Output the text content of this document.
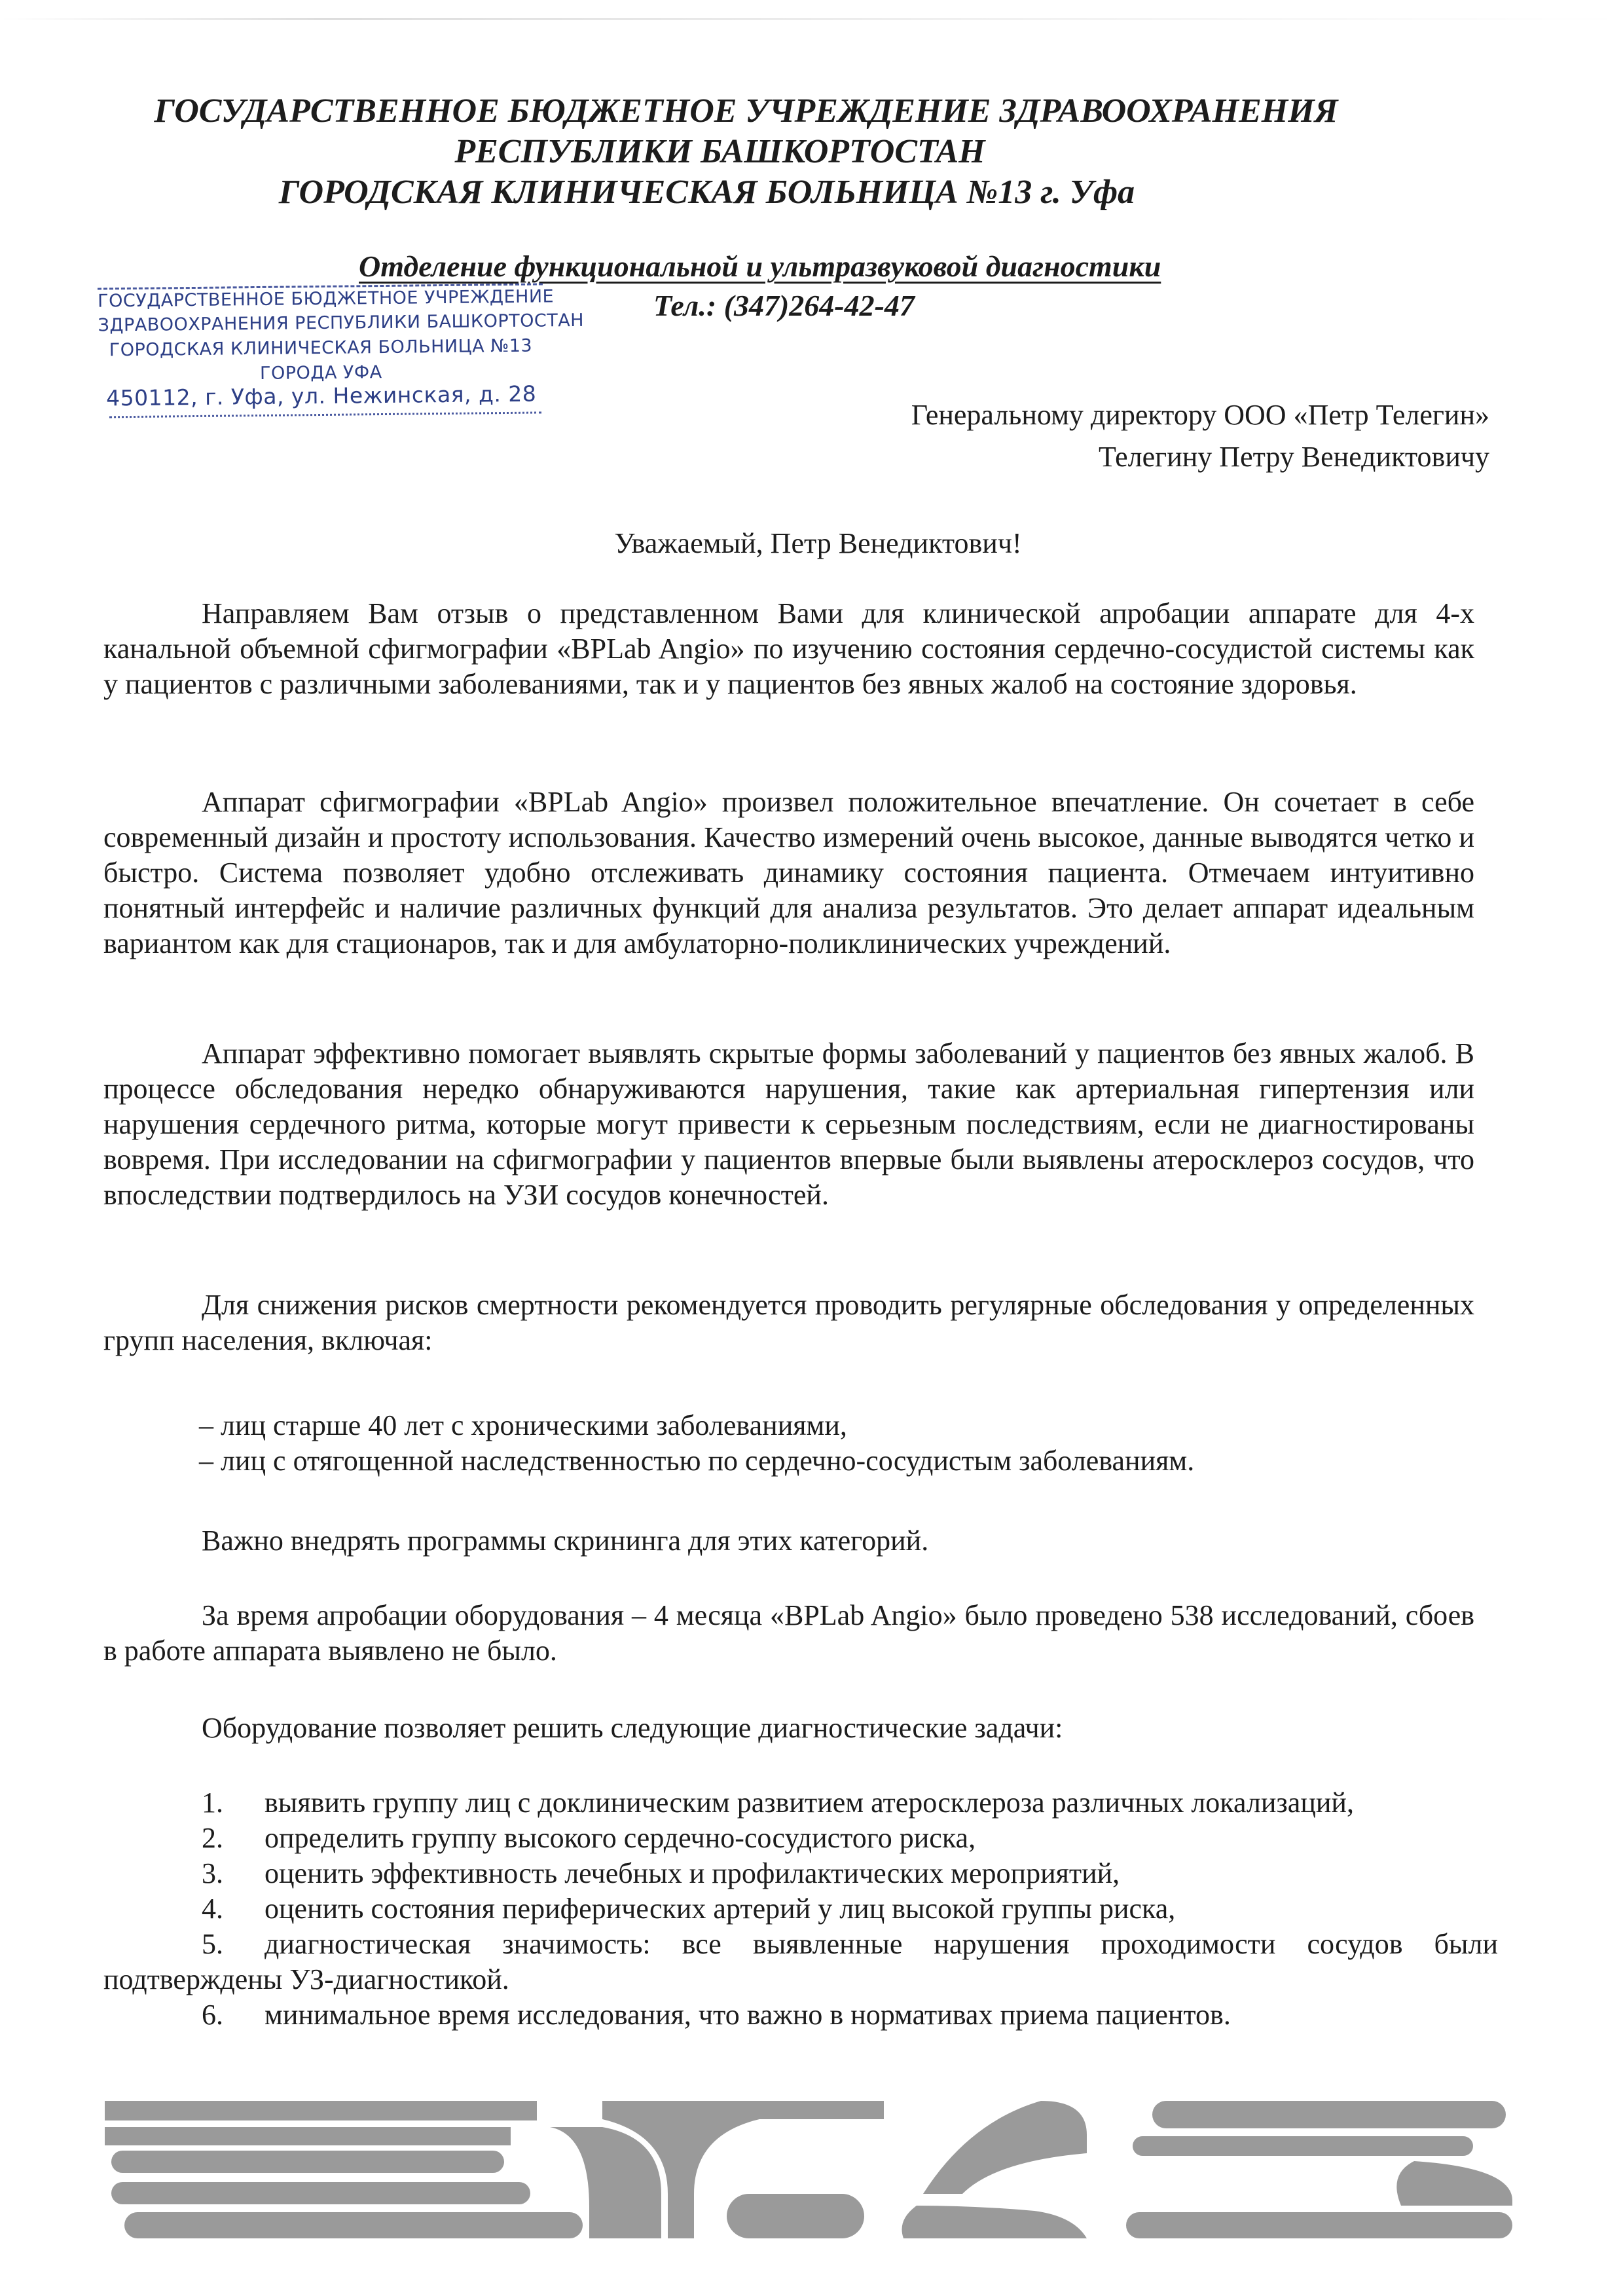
ГОСУДАРСТВЕННОЕ БЮДЖЕТНОЕ УЧРЕЖДЕНИЕ ЗДРАВООХРАНЕНИЯ
РЕСПУБЛИКИ БАШКОРТОСТАН
ГОРОДСКАЯ КЛИНИЧЕСКАЯ БОЛЬНИЦА №13 г. Уфа
Отделение функциональной и ультразвуковой диагностики
Тел.: (347)264-42-47
ГОСУДАРСТВЕННОЕ БЮДЖЕТНОЕ УЧРЕЖДЕНИЕ
ЗДРАВООХРАНЕНИЯ РЕСПУБЛИКИ БАШКОРТОСТАН
ГОРОДСКАЯ КЛИНИЧЕСКАЯ БОЛЬНИЦА №13
ГОРОДА УФА
450112, г. Уфа, ул. Нежинская, д. 28
Генеральному директору ООО «Петр Телегин»
Телегину Петру Венедиктовичу
Уважаемый, Петр Венедиктович!
Направляем Вам отзыв о представленном Вами для клинической апробации аппарате для 4-х канальной объемной сфигмографии «BPLab Angio» по изучению состояния сердечно-сосудистой системы как у пациентов с различными заболеваниями, так и у пациентов без явных жалоб на состояние здоровья.
Аппарат сфигмографии «BPLab Angio» произвел положительное впечатление. Он сочетает в себе современный дизайн и простоту использования. Качество измерений очень высокое, данные выводятся четко и быстро. Система позволяет удобно отслеживать динамику состояния пациента. Отмечаем интуитивно понятный интерфейс и наличие различных функций для анализа результатов. Это делает аппарат идеальным вариантом как для стационаров, так и для амбулаторно-поликлинических учреждений.
Аппарат эффективно помогает выявлять скрытые формы заболеваний у пациентов без явных жалоб. В процессе обследования нередко обнаруживаются нарушения, такие как артериальная гипертензия или нарушения сердечного ритма, которые могут привести к серьезным последствиям, если не диагностированы вовремя. При исследовании на сфигмографии у пациентов впервые были выявлены атеросклероз сосудов, что впоследствии подтвердилось на УЗИ сосудов конечностей.
Для снижения рисков смертности рекомендуется проводить регулярные обследования у определенных групп населения, включая:
– лиц старше 40 лет с хроническими заболеваниями,
– лиц с отягощенной наследственностью по сердечно-сосудистым заболеваниям.
Важно внедрять программы скрининга для этих категорий.
За время апробации оборудования – 4 месяца «BPLab Angio» было проведено 538 исследований, сбоев в работе аппарата выявлено не было.
Оборудование позволяет решить следующие диагностические задачи:
1. выявить группу лиц с доклиническим развитием атеросклероза различных локализаций,
2. определить группу высокого сердечно-сосудистого риска,
3. оценить эффективность лечебных и профилактических мероприятий,
4. оценить состояния периферических артерий у лиц высокой группы риска,
5. диагностическая значимость: все выявленные нарушения проходимости сосудов были
подтверждены УЗ-диагностикой.
6. минимальное время исследования, что важно в нормативах приема пациентов.
